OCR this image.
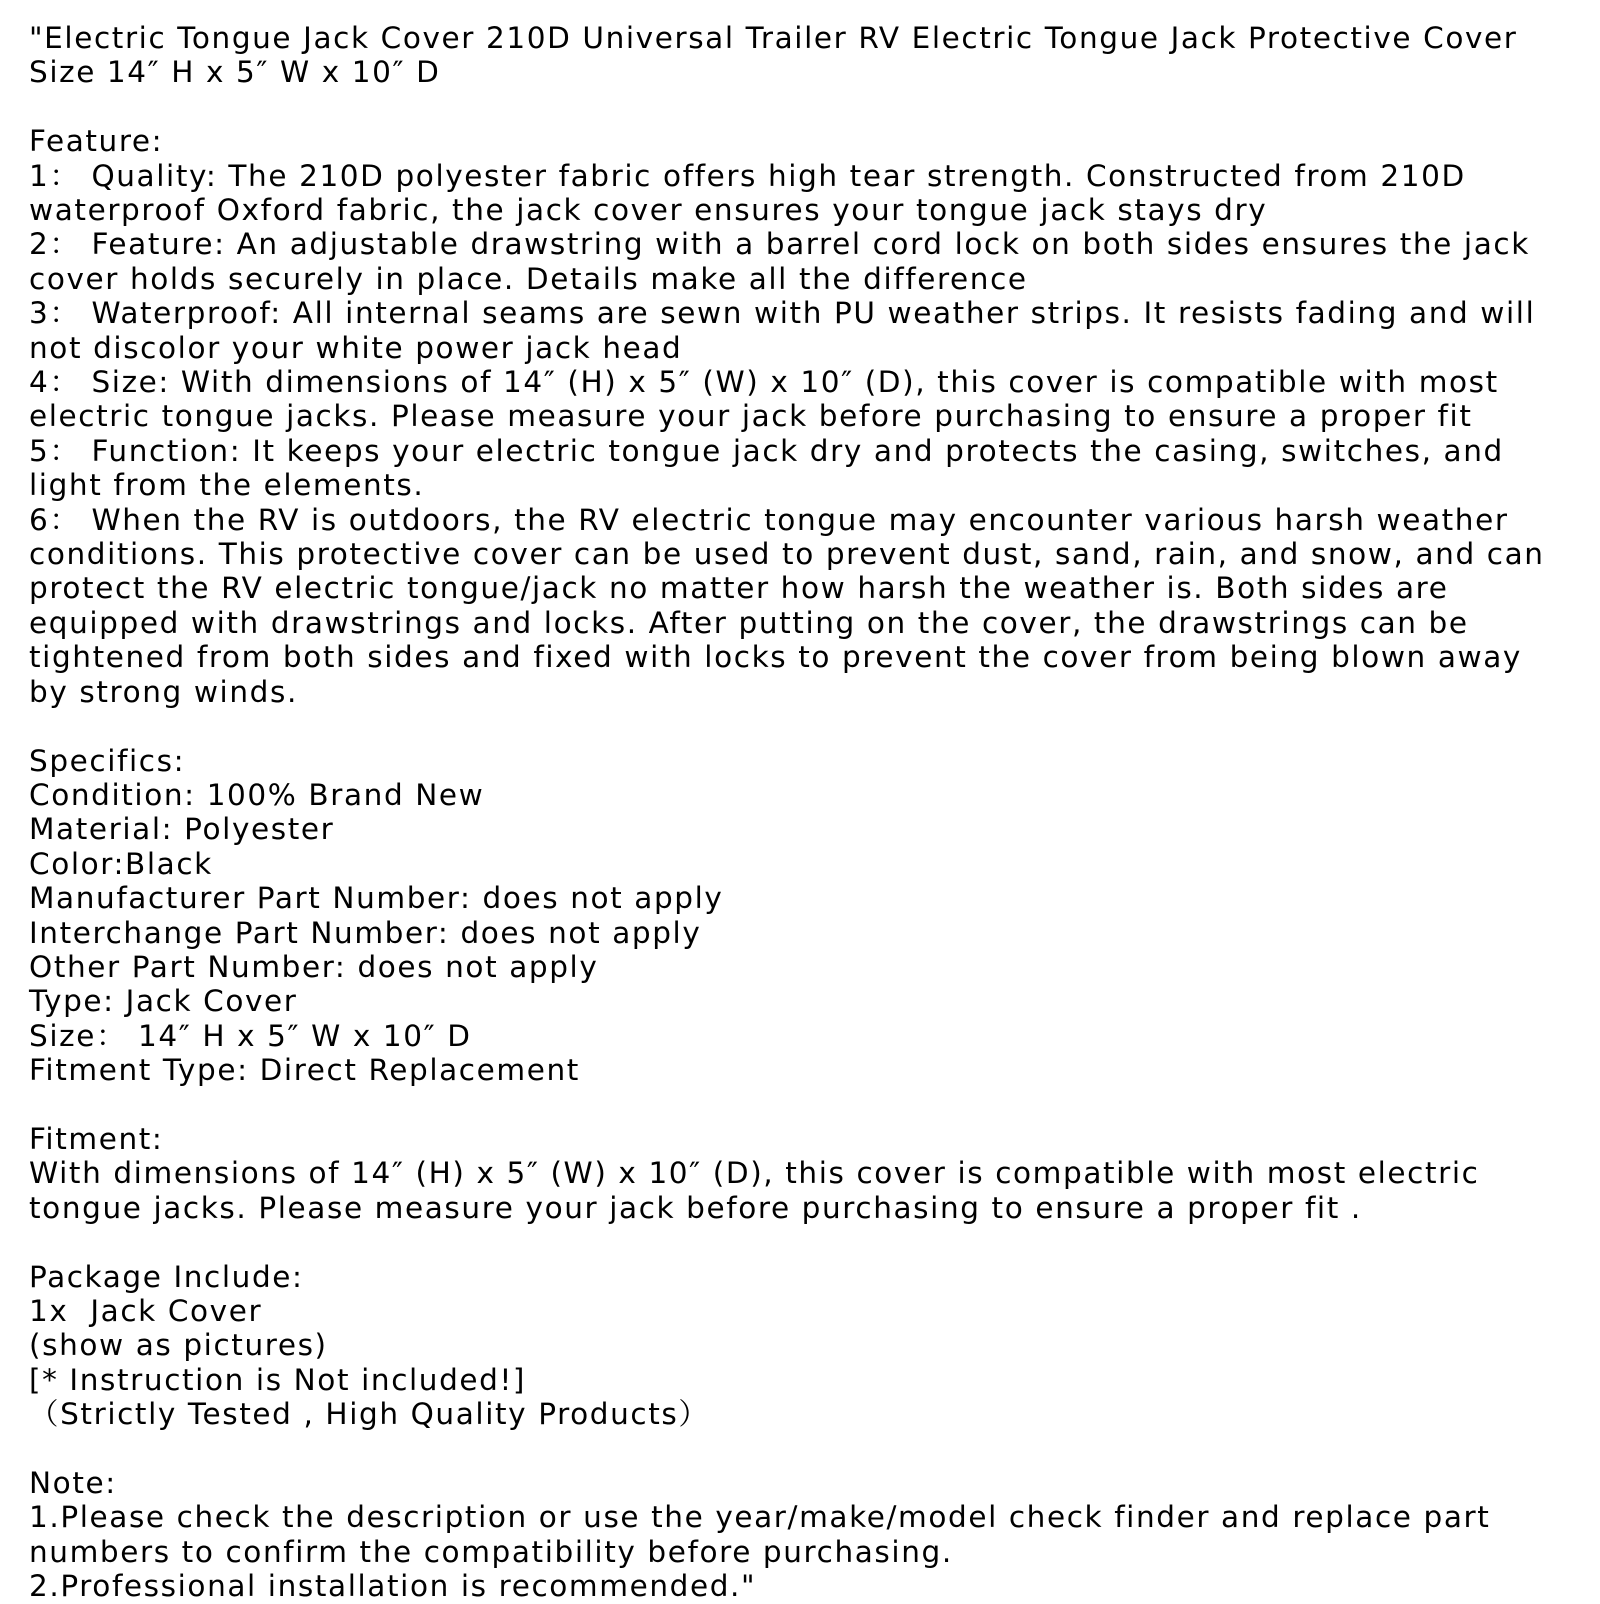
"Electric Tongue Jack Cover 210D Universal Trailer RV Electric Tongue Jack Protective Cover
Size 14″ H x 5″ W x 10″ D
Feature:
1： Quality: The 210D polyester fabric offers high tear strength. Constructed from 210D
waterproof Oxford fabric, the jack cover ensures your tongue jack stays dry
2： Feature: An adjustable drawstring with a barrel cord lock on both sides ensures the jack
cover holds securely in place. Details make all the difference
3： Waterproof: All internal seams are sewn with PU weather strips. It resists fading and will
not discolor your white power jack head
4： Size: With dimensions of 14″ (H) x 5″ (W) x 10″ (D), this cover is compatible with most
electric tongue jacks. Please measure your jack before purchasing to ensure a proper fit
5： Function: It keeps your electric tongue jack dry and protects the casing, switches, and
light from the elements.
6： When the RV is outdoors, the RV electric tongue may encounter various harsh weather
conditions. This protective cover can be used to prevent dust, sand, rain, and snow, and can
protect the RV electric tongue/jack no matter how harsh the weather is. Both sides are
equipped with drawstrings and locks. After putting on the cover, the drawstrings can be
tightened from both sides and fixed with locks to prevent the cover from being blown away
by strong winds.
Specifics:
Condition: 100% Brand New
Material: Polyester
Color:Black
Manufacturer Part Number: does not apply
Interchange Part Number: does not apply
Other Part Number: does not apply
Type: Jack Cover
Size： 14″ H x 5″ W x 10″ D
Fitment Type: Direct Replacement
Fitment:
With dimensions of 14″ (H) x 5″ (W) x 10″ (D), this cover is compatible with most electric
tongue jacks. Please measure your jack before purchasing to ensure a proper fit .
Package Include:
1x  Jack Cover
(show as pictures)
[* Instruction is Not included!]
（Strictly Tested , High Quality Products）
Note:
1.Please check the description or use the year/make/model check finder and replace part
numbers to confirm the compatibility before purchasing.
2.Professional installation is recommended."
